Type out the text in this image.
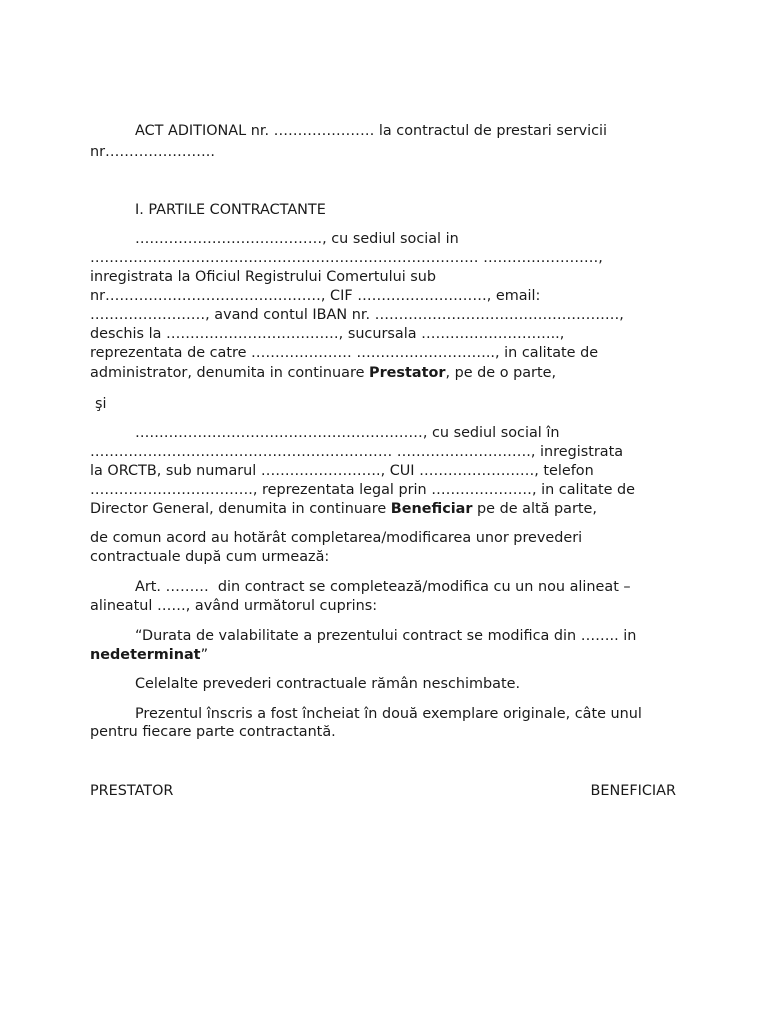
ACT ADITIONAL nr. ………………… la contractul de prestari servicii

nr…………………..

I. PARTILE CONTRACTANTE

…………………………………, cu sediul social in

……………………………………………………………………… ……………………,

inregistrata la Oficiul Registrului Comertului sub

nr………………………………………, CIF ………………………, email:

……………………, avand contul IBAN nr. ……………………………………………,

deschis la ………………………………, sucursala ………………………..,

reprezentata de catre ………………… ……………………….., in calitate de

administrator, denumita in continuare Prestator, pe de o parte,

şi

……………………………………………………, cu sediul social în

……………………………………………………… ………………………., inregistrata

la ORCTB, sub numarul ……………………., CUI ……………………, telefon

……………………………., reprezentata legal prin …………………, in calitate de

Director General, denumita in continuare Beneficiar pe de altă parte,

de comun acord au hotărât completarea/modificarea unor prevederi

contractuale după cum urmează:

Art. ………  din contract se completează/modifica cu un nou alineat –

alineatul ……, având următorul cuprins:

“Durata de valabilitate a prezentului contract se modifica din …….. in

nedeterminat”

Celelalte prevederi contractuale rămân neschimbate.

Prezentul înscris a fost încheiat în două exemplare originale, câte unul

pentru fiecare parte contractantă.

PRESTATOR	BENEFICIAR
